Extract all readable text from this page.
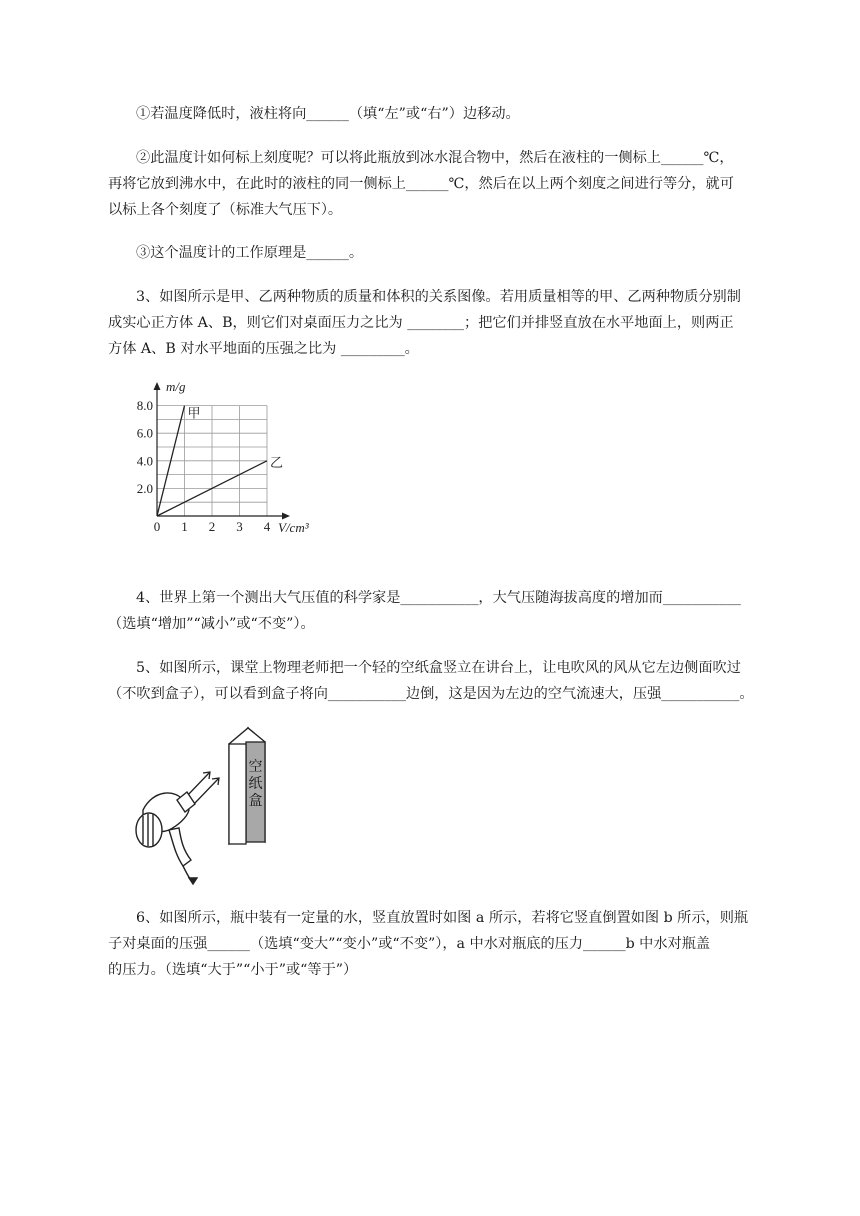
①若温度降低时，液柱将向______（填“左”或“右”）边移动。
②此温度计如何标上刻度呢？可以将此瓶放到冰水混合物中，然后在液柱的一侧标上______℃，
再将它放到沸水中，在此时的液柱的同一侧标上______℃，然后在以上两个刻度之间进行等分，就可
以标上各个刻度了（标准大气压下）。
③这个温度计的工作原理是______。
3、如图所示是甲、乙两种物质的质量和体积的关系图像。若用质量相等的甲、乙两种物质分别制
成实心正方体 A、B，则它们对桌面压力之比为 ________；把它们并排竖直放在水平地面上，则两正
方体 A、B 对水平地面的压强之比为 _________。
甲
乙
0 1 2 3 4
2.0
4.0
6.0
8.0
m/g
V/cm³
4、世界上第一个测出大气压值的科学家是___________，大气压随海拔高度的增加而___________
（选填“增加”“减小”或“不变”）。
5、如图所示，课堂上物理老师把一个轻的空纸盒竖立在讲台上，让电吹风的风从它左边侧面吹过
（不吹到盒子），可以看到盒子将向___________边倒，这是因为左边的空气流速大，压强___________。
空
纸
盒
6、如图所示，瓶中装有一定量的水，竖直放置时如图 a 所示，若将它竖直倒置如图 b 所示，则瓶
子对桌面的压强______（选填“变大”“变小”或“不变”），a 中水对瓶底的压力______b 中水对瓶盖
的压力。（选填“大于”“小于”或“等于”）
